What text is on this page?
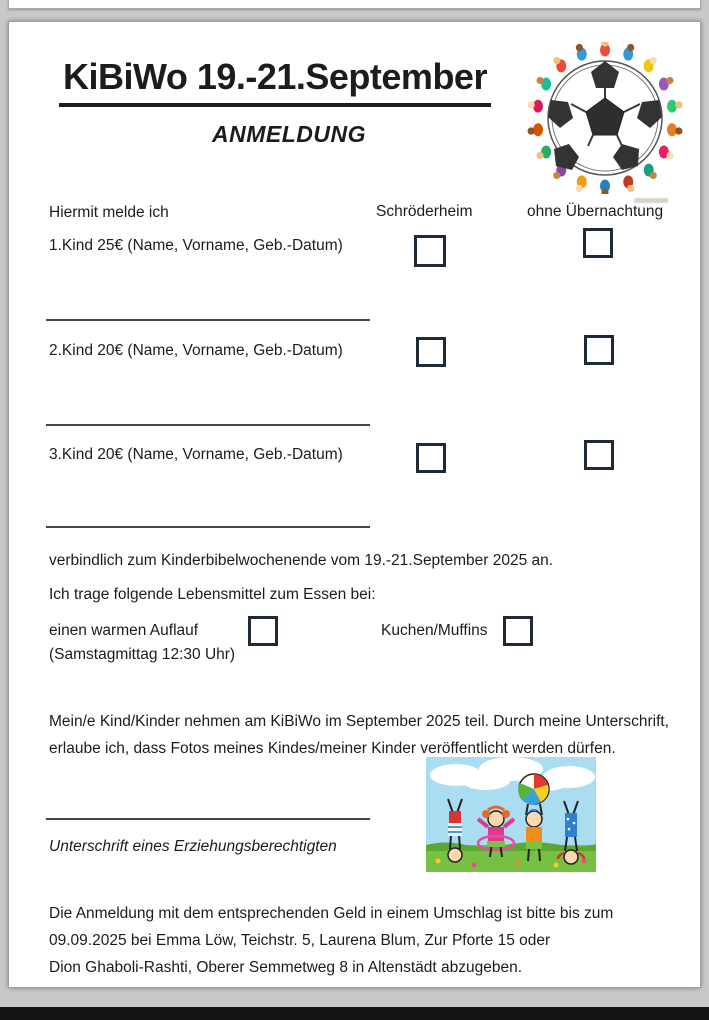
KiBiWo 19.-21.September
ANMELDUNG
Hiermit melde ich	Schröderheim	ohne Übernachtung
1.Kind 25€ (Name, Vorname, Geb.-Datum)
2.Kind 20€ (Name, Vorname, Geb.-Datum)
3.Kind 20€ (Name, Vorname, Geb.-Datum)
verbindlich zum Kinderbibelwochenende vom 19.-21.September 2025 an.
Ich trage folgende Lebensmittel zum Essen bei:
einen warmen Auflauf	Kuchen/Muffins
(Samstagmittag 12:30 Uhr)
Mein/e Kind/Kinder nehmen am KiBiWo im September 2025 teil. Durch meine Unterschrift,
erlaube ich, dass Fotos meines Kindes/meiner Kinder veröffentlicht werden dürfen.
Unterschrift eines Erziehungsberechtigten
Die Anmeldung mit dem entsprechenden Geld in einem Umschlag ist bitte bis zum
09.09.2025 bei Emma Löw, Teichstr. 5, Laurena Blum, Zur Pforte 15 oder
Dion Ghaboli-Rashti, Oberer Semmetweg 8 in Altenstädt abzugeben.
